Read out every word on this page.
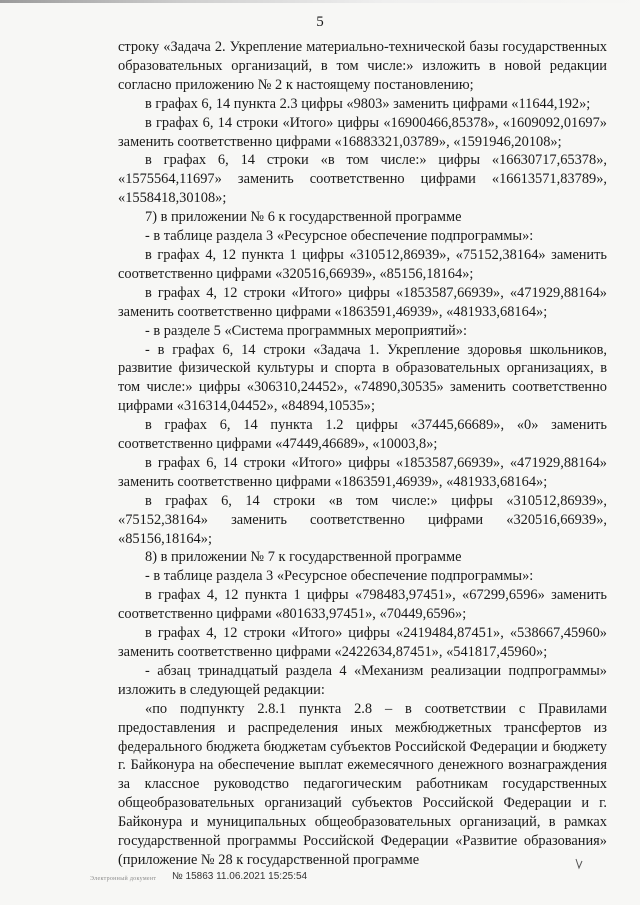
5

строку «Задача 2. Укрепление материально-технической базы государственных образовательных организаций, в том числе:» изложить в новой редакции согласно приложению № 2 к настоящему постановлению;

в графах 6, 14 пункта 2.3 цифры «9803» заменить цифрами «11644,192»;

в графах 6, 14 строки «Итого» цифры «16900466,85378», «1609092,01697» заменить соответственно цифрами «16883321,03789», «1591946,20108»;

в графах 6, 14 строки «в том числе:» цифры «16630717,65378», «1575564,11697» заменить соответственно цифрами «16613571,83789», «1558418,30108»;

7) в приложении № 6 к государственной программе

- в таблице раздела 3 «Ресурсное обеспечение подпрограммы»:

в графах 4, 12 пункта 1 цифры «310512,86939», «75152,38164» заменить соответственно цифрами «320516,66939», «85156,18164»;

в графах 4, 12 строки «Итого» цифры «1853587,66939», «471929,88164» заменить соответственно цифрами «1863591,46939», «481933,68164»;

- в разделе 5 «Система программных мероприятий»:

- в графах 6, 14 строки «Задача 1. Укрепление здоровья школьников, развитие физической культуры и спорта в образовательных организациях, в том числе:» цифры «306310,24452», «74890,30535» заменить соответственно цифрами «316314,04452», «84894,10535»;

в графах 6, 14 пункта 1.2 цифры «37445,66689», «0» заменить соответственно цифрами «47449,46689», «10003,8»;

в графах 6, 14 строки «Итого» цифры «1853587,66939», «471929,88164» заменить соответственно цифрами «1863591,46939», «481933,68164»;

в графах 6, 14 строки «в том числе:» цифры «310512,86939», «75152,38164» заменить соответственно цифрами «320516,66939», «85156,18164»;

8) в приложении № 7 к государственной программе

- в таблице раздела 3 «Ресурсное обеспечение подпрограммы»:

в графах 4, 12 пункта 1 цифры «798483,97451», «67299,6596» заменить соответственно цифрами «801633,97451», «70449,6596»;

в графах 4, 12 строки «Итого» цифры «2419484,87451», «538667,45960» заменить соответственно цифрами «2422634,87451», «541817,45960»;

- абзац тринадцатый раздела 4 «Механизм реализации подпрограммы» изложить в следующей редакции:

«по подпункту 2.8.1 пункта 2.8 – в соответствии с Правилами предоставления и распределения иных межбюджетных трансфертов из федерального бюджета бюджетам субъектов Российской Федерации и бюджету г. Байконура на обеспечение выплат ежемесячного денежного вознаграждения за классное руководство педагогическим работникам государственных общеобразовательных организаций субъектов Российской Федерации и г. Байконура и муниципальных общеобразовательных организаций, в рамках государственной программы Российской Федерации «Развитие образования» (приложение № 28 к государственной программе

Электронный документ № 15863 11.06.2021 15:25:54
